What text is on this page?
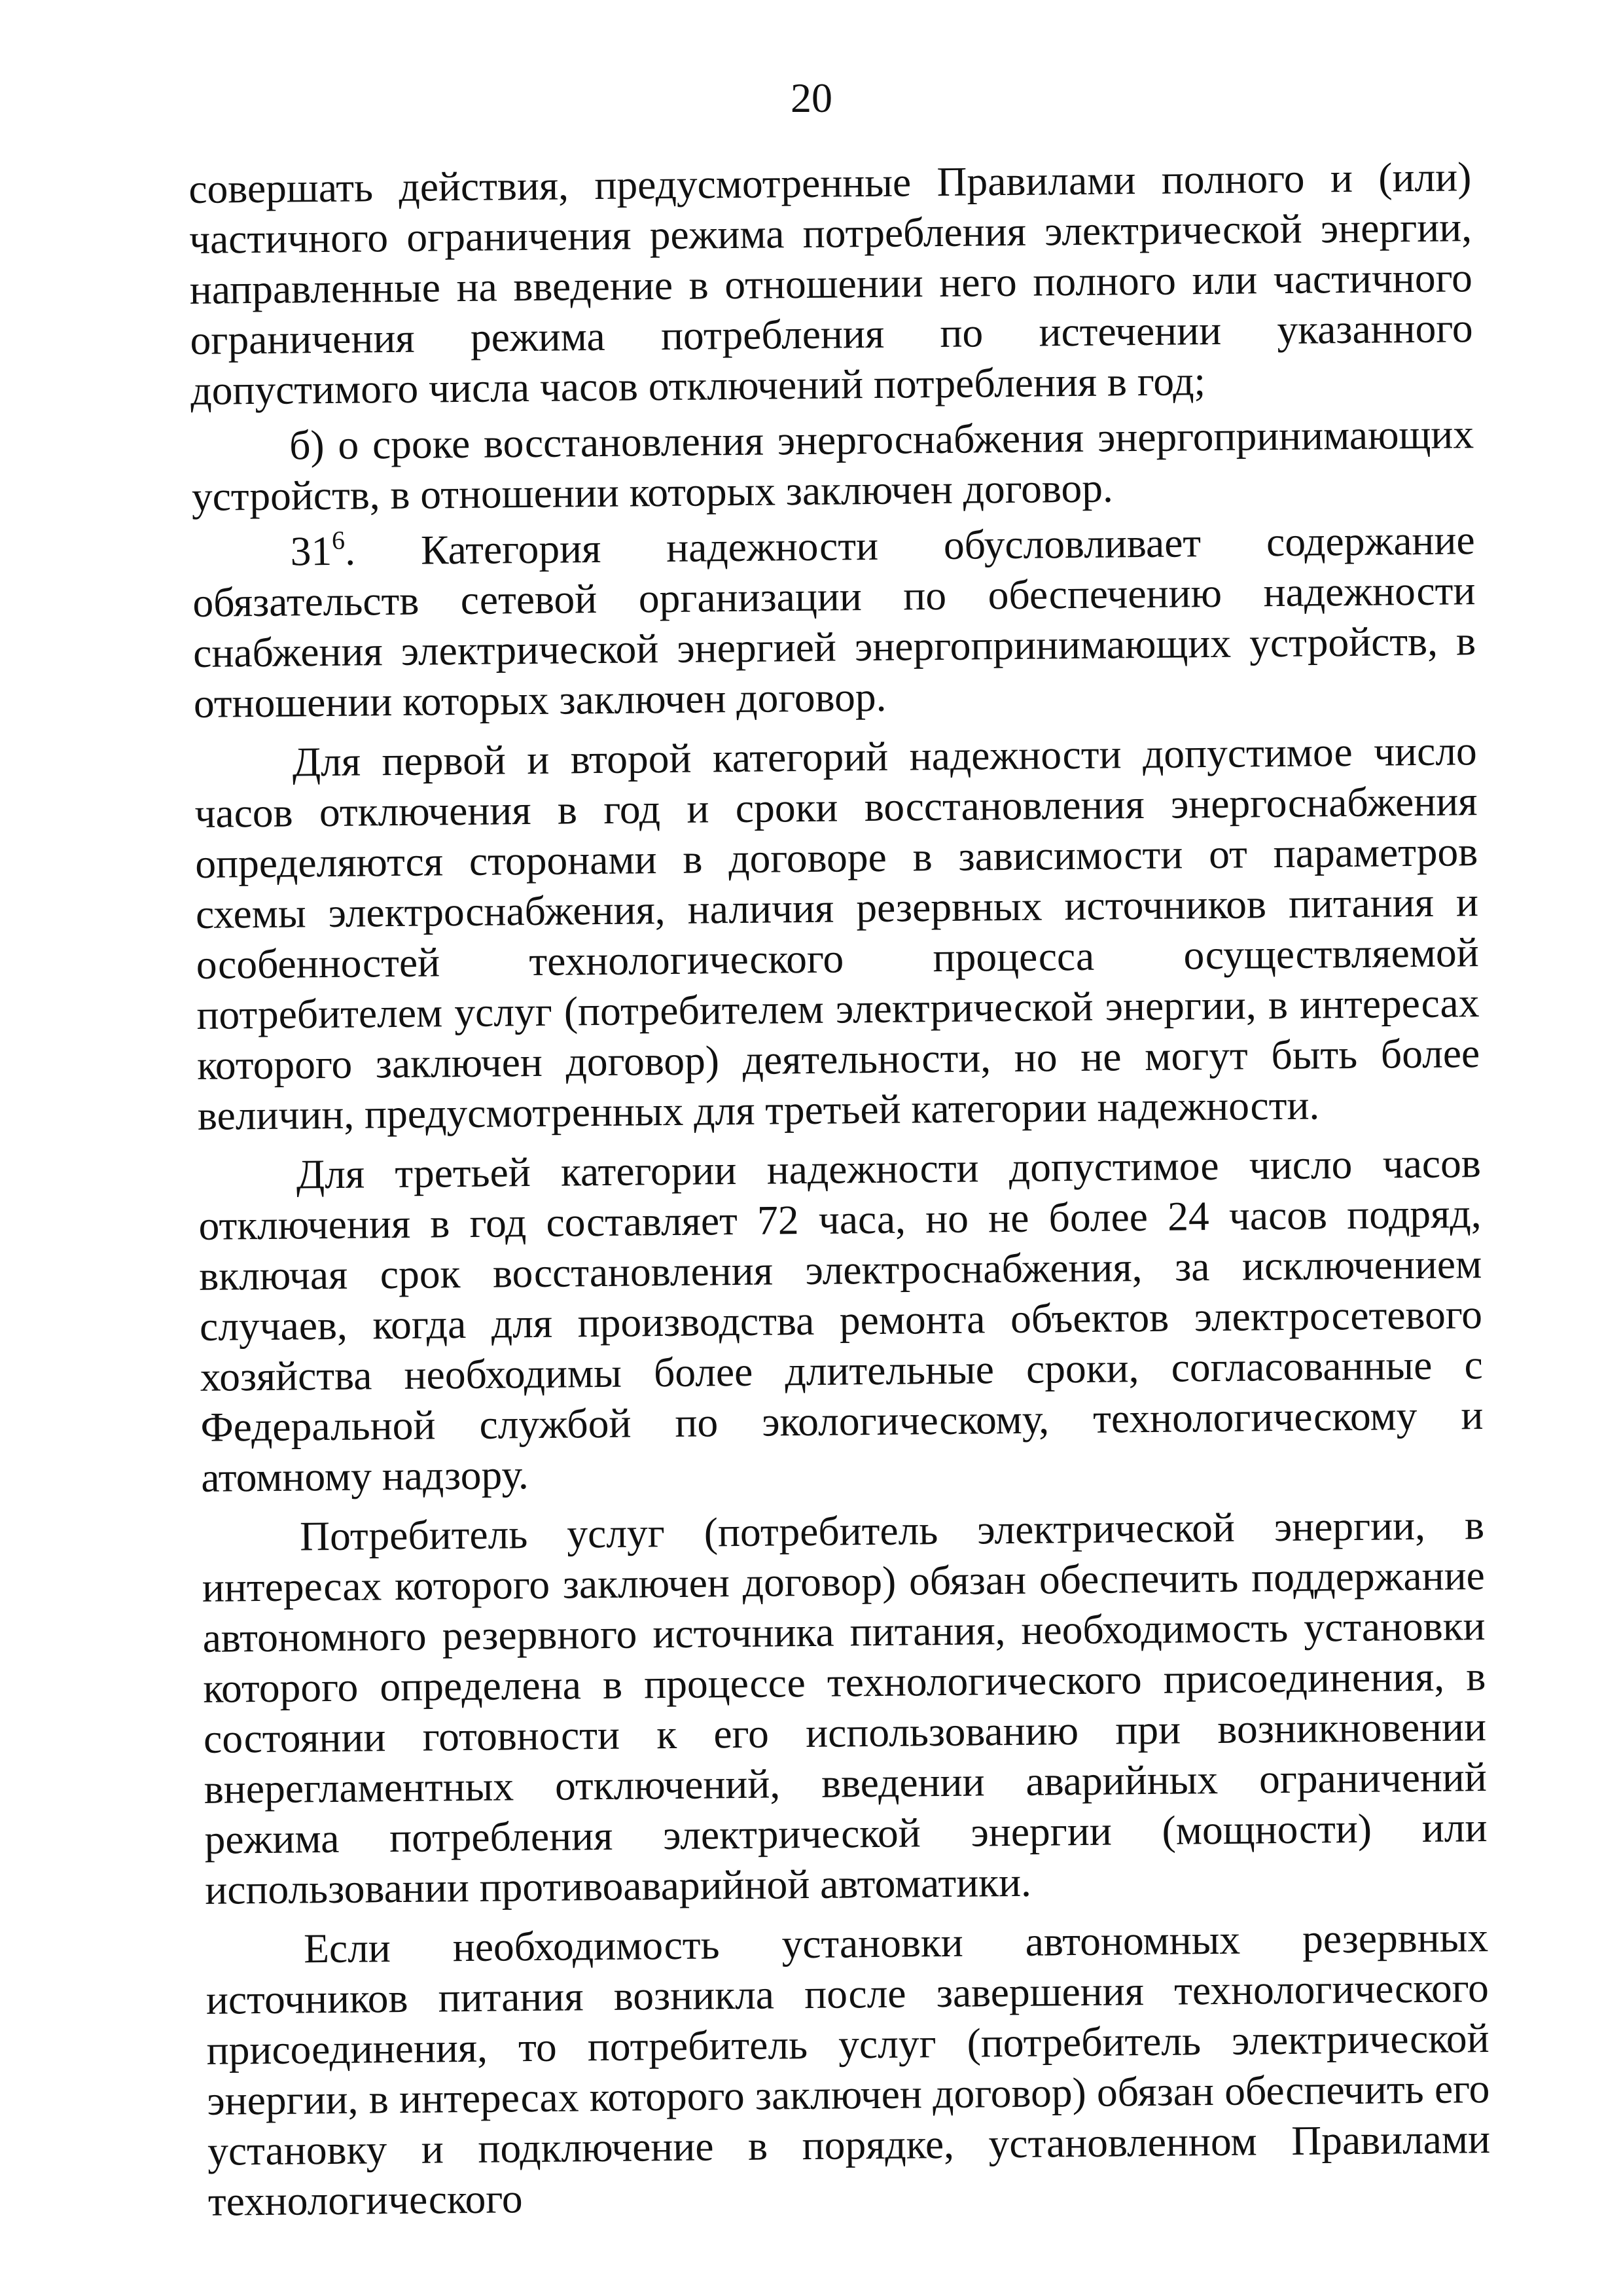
20

совершать действия, предусмотренные Правилами полного и (или) частичного ограничения режима потребления электрической энергии, направленные на введение в отношении него полного или частичного ограничения режима потребления по истечении указанного допустимого числа часов отключений потребления в год;

б) о сроке восстановления энергоснабжения энергопринимающих устройств, в отношении которых заключен договор.

$31^6$. Категория надежности обусловливает содержание обязательств сетевой организации по обеспечению надежности снабжения электрической энергией энергопринимающих устройств, в отношении которых заключен договор.

Для первой и второй категорий надежности допустимое число часов отключения в год и сроки восстановления энергоснабжения определяются сторонами в договоре в зависимости от параметров схемы электроснабжения, наличия резервных источников питания и особенностей технологического процесса осуществляемой потребителем услуг (потребителем электрической энергии, в интересах которого заключен договор) деятельности, но не могут быть более величин, предусмотренных для третьей категории надежности.

Для третьей категории надежности допустимое число часов отключения в год составляет 72 часа, но не более 24 часов подряд, включая срок восстановления электроснабжения, за исключением случаев, когда для производства ремонта объектов электросетевого хозяйства необходимы более длительные сроки, согласованные с Федеральной службой по экологическому, технологическому и атомному надзору.

Потребитель услуг (потребитель электрической энергии, в интересах которого заключен договор) обязан обеспечить поддержание автономного резервного источника питания, необходимость установки которого определена в процессе технологического присоединения, в состоянии готовности к его использованию при возникновении внерегламентных отключений, введении аварийных ограничений режима потребления электрической энергии (мощности) или использовании противоаварийной автоматики.

Если необходимость установки автономных резервных источников питания возникла после завершения технологического присоединения, то потребитель услуг (потребитель электрической энергии, в интересах которого заключен договор) обязан обеспечить его установку и подключение в порядке, установленном Правилами технологического
